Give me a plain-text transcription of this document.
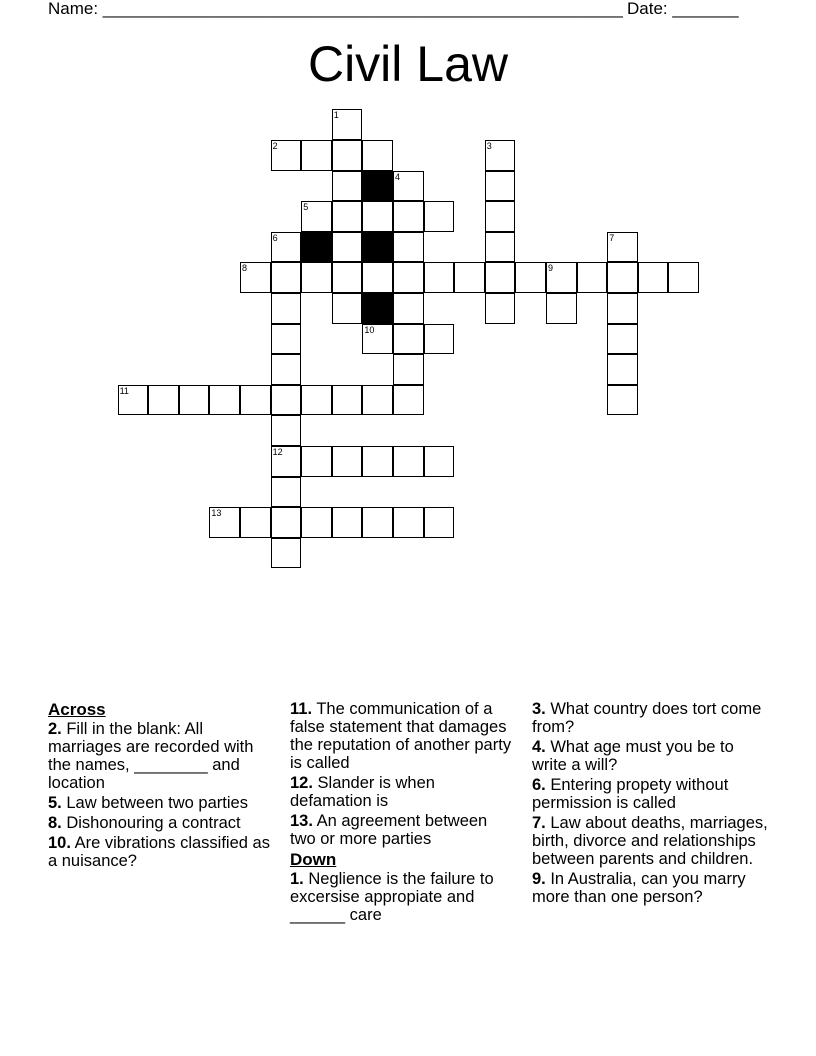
Name: _______________________________________________________ Date: _______
Civil Law
1
2	3
4
5
6	7
8	9
10
11
12
13
Across
2. Fill in the blank: All marriages are recorded with the names, ________ and location
5. Law between two parties
8. Dishonouring a contract
10. Are vibrations classified as a nuisance?
11. The communication of a false statement that damages the reputation of another party is called
12. Slander is when defamation is
13. An agreement between two or more parties
Down
1. Neglience is the failure to excersise appropiate and ______ care
3. What country does tort come from?
4. What age must you be to write a will?
6. Entering propety without permission is called
7. Law about deaths, marriages, birth, divorce and relationships between parents and children.
9. In Australia, can you marry more than one person?
